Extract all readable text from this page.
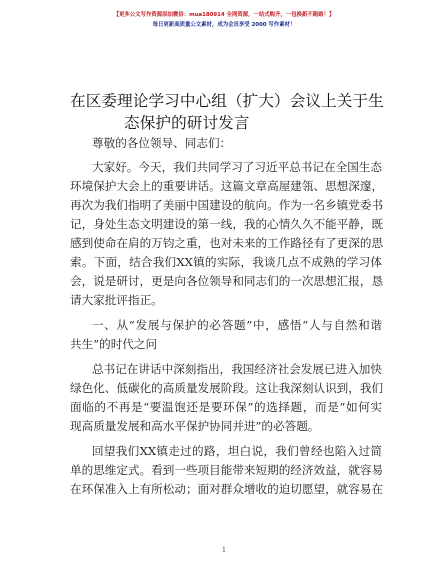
【更多公文写作资源添加微信：mua180914 全网资源，一站式购齐，一包换新不跑路！】
每日更新高质量公文素材，成为会员享受 2000 写作素材！
在区委理论学习中心组（扩大）会议上关于生
态保护的研讨发言
尊敬的各位领导、同志们：
大家好。今天，我们共同学习了习近平总书记在全国生态
环境保护大会上的重要讲话。这篇文章高屋建瓴、思想深邃，
再次为我们指明了美丽中国建设的航向。作为一名乡镇党委书
记，身处生态文明建设的第一线，我的心情久久不能平静，既
感到使命在肩的万钧之重，也对未来的工作路径有了更深的思
索。下面，结合我们XX镇的实际，我谈几点不成熟的学习体
会，说是研讨，更是向各位领导和同志们的一次思想汇报，恳
请大家批评指正。
一、从“发展与保护的必答题”中，感悟“人与自然和谐
共生”的时代之问
总书记在讲话中深刻指出，我国经济社会发展已进入加快
绿色化、低碳化的高质量发展阶段。这让我深刻认识到，我们
面临的不再是“要温饱还是要环保”的选择题，而是“如何实
现高质量发展和高水平保护协同并进”的必答题。
回望我们XX镇走过的路，坦白说，我们曾经也陷入过简
单的思维定式。看到一些项目能带来短期的经济效益，就容易
在环保准入上有所松动；面对群众增收的迫切愿望，就容易在
1
